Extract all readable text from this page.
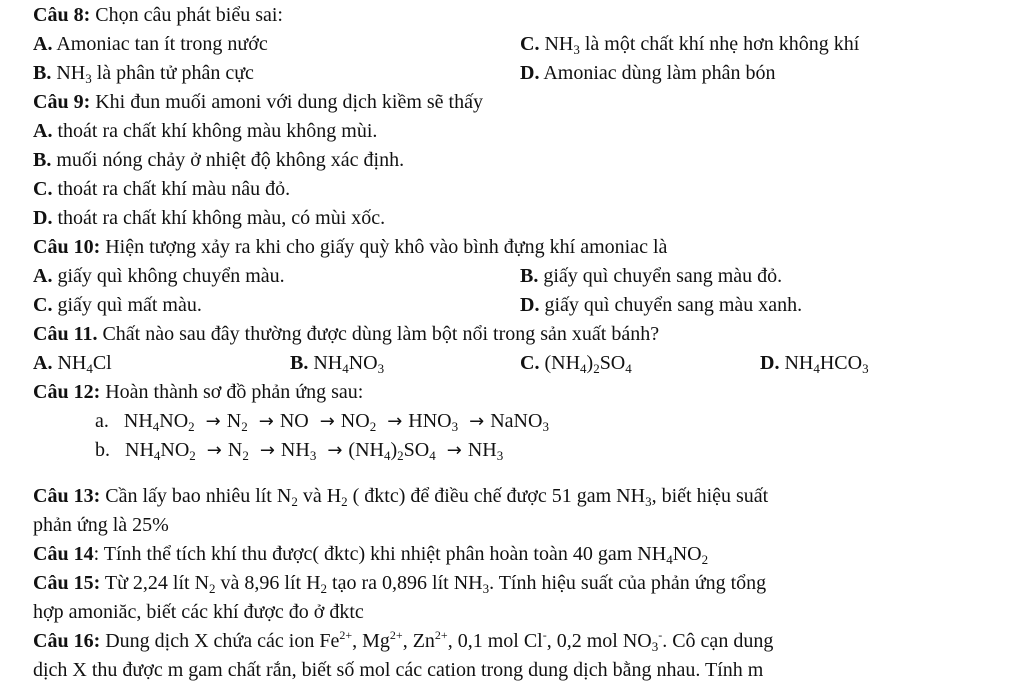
Câu 8: Chọn câu phát biểu sai:
A. Amoniac tan ít trong nước	C. $NH_3$ là một chất khí nhẹ hơn không khí
B. $NH_3$ là phân tử phân cực	D. Amoniac dùng làm phân bón
Câu 9: Khi đun muối amoni với dung dịch kiềm sẽ thấy
A. thoát ra chất khí không màu không mùi.
B. muối nóng chảy ở nhiệt độ không xác định.
C. thoát ra chất khí màu nâu đỏ.
D. thoát ra chất khí không màu, có mùi xốc.
Câu 10: Hiện tượng xảy ra khi cho giấy quỳ khô vào bình đựng khí amoniac là
A. giấy quì không chuyển màu.	B. giấy quì chuyển sang màu đỏ.
C. giấy quì mất màu.	D. giấy quì chuyển sang màu xanh.
Câu 11. Chất nào sau đây thường được dùng làm bột nổi trong sản xuất bánh?
A. $NH_4Cl$	B. $NH_4NO_3$	C. $(NH_4)_2SO_4$	D. $NH_4HCO_3$
Câu 12: Hoàn thành sơ đồ phản ứng sau:
a. $NH_4NO_2 \to N_2$ → NO → $NO_2 \to HNO_3$ → NaNO$_3$
b. $NH_4NO_2 \to N_2 \to NH_3 \to (NH_4)_2SO_4 \to NH_3$
Câu 13: Cần lấy bao nhiêu lít $N_2$ và $H_2$ ( đktc) để điều chế được 51 gam $NH_3$, biết hiệu suất
phản ứng là 25%
Câu 14: Tính thể tích khí thu được( đktc) khi nhiệt phân hoàn toàn 40 gam $NH_4NO_2$
Câu 15: Từ 2,24 lít $N_2$ và 8,96 lít $H_2$ tạo ra 0,896 lít $NH_3$. Tính hiệu suất của phản ứng tổng
hợp amoniăc, biết các khí được đo ở đktc
Câu 16: Dung dịch X chứa các ion $Fe^{2+}$, $Mg^{2+}$, $Zn^{2+}$, 0,1 mol Cl-, 0,2 mol $NO_3^-$. Cô cạn dung
dịch X thu được m gam chất rắn, biết số mol các cation trong dung dịch bằng nhau. Tính m
